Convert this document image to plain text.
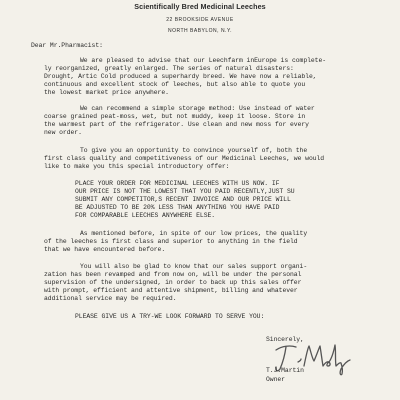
Scientifically Bred Medicinal Leeches
22 BROOKSIDE AVENUE
NORTH BABYLON, N.Y.
Dear Mr.Pharmacist:
We are pleased to advise that our Leechfarm inEurope is complete-
ly reorganized, greatly enlarged. The series of natural disasters:
Drought, Artic Cold produced a superhardy breed. We have now a reliable,
continuous and excellent stock of leeches, but also able to quote you
the lowest market price anywhere.
We can recommend a simple storage method: Use instead of water
coarse grained peat-moss, wet, but not muddy, keep it loose. Store in
the warmest part of the refrigerator. Use clean and new moss for every
new order.
To give you an opportunity to convince yourself of, both the
first class quality and competitiveness of our Medicinal Leeches, we would
like to make you this special introductory offer:
PLACE YOUR ORDER FOR MEDICINAL LEECHES WITH US NOW. IF
OUR PRICE IS NOT THE LOWEST THAT YOU PAID RECENTLY,JUST SU
SUBMIT ANY COMPETITOR,S RECENT INVOICE AND OUR PRICE WILL
BE ADJUSTED TO BE 20% LESS THAN ANYTHING YOU HAVE PAID
FOR COMPARABLE LEECHES ANYWHERE ELSE.
As mentioned before, in spite of our low prices, the quality
of the leeches is first class and superior to anything in the field
that we have encountered before.
You will also be glad to know that our sales support organi-
zation has been revamped and from now on, will be under the personal
supervision of the undersigned, in order to back up this sales offer
with prompt, efficient and attentive shipment, billing and whatever
additional service may be required.
PLEASE GIVE US A TRY-WE LOOK FORWARD TO SERVE YOU:
Sincerely,
T.J.Martin
Owner
